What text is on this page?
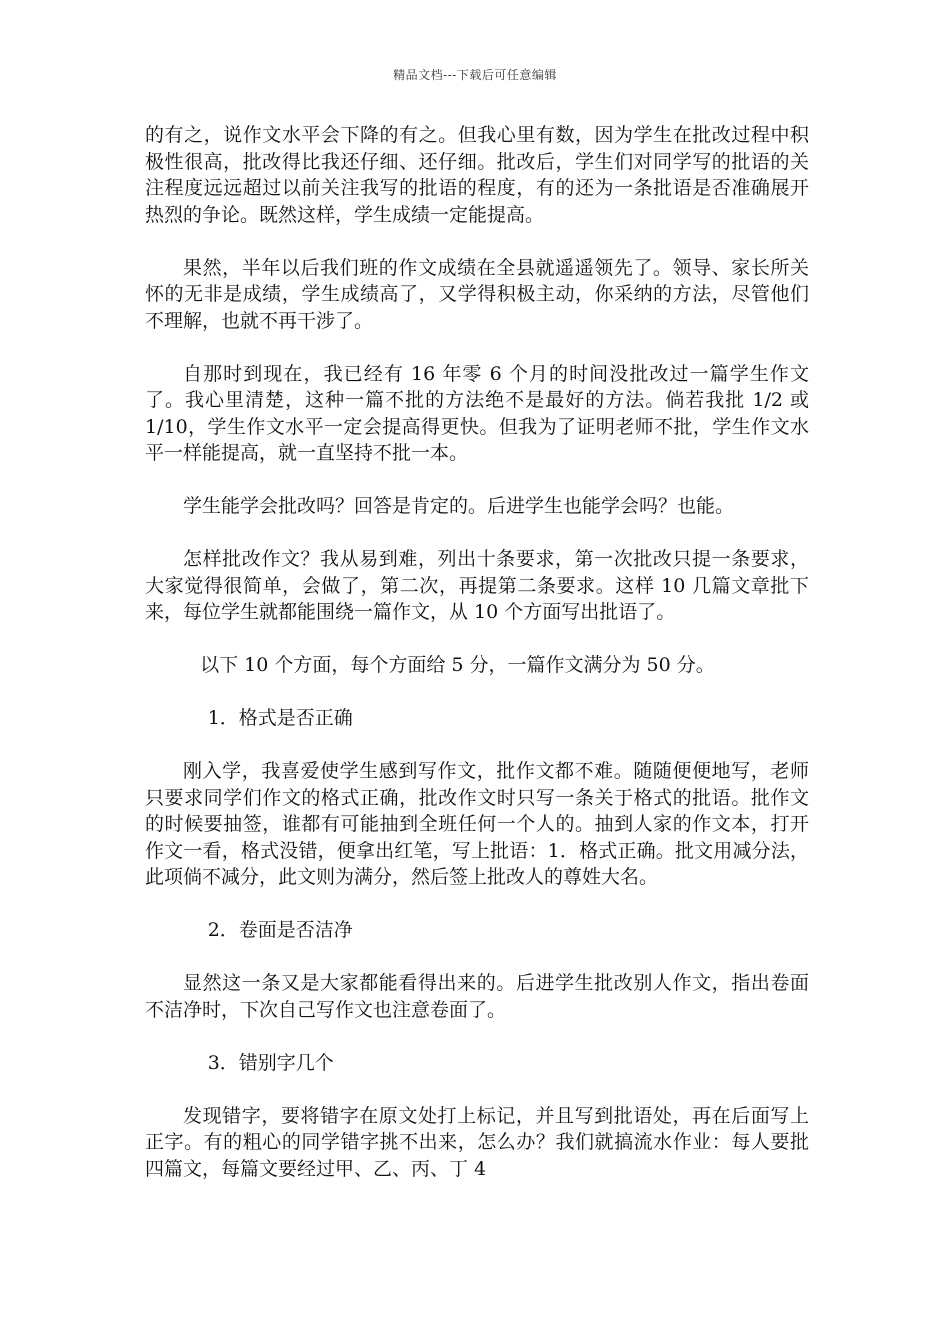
精品文档---下载后可任意编辑

的有之，说作文水平会下降的有之。但我心里有数，因为学生在批改过程中积极性很高，批改得比我还仔细、还仔细。批改后，学生们对同学写的批语的关注程度远远超过以前关注我写的批语的程度，有的还为一条批语是否准确展开热烈的争论。既然这样，学生成绩一定能提高。

果然，半年以后我们班的作文成绩在全县就遥遥领先了。领导、家长所关怀的无非是成绩，学生成绩高了，又学得积极主动，你采纳的方法，尽管他们不理解，也就不再干涉了。

自那时到现在，我已经有 16 年零 6 个月的时间没批改过一篇学生作文了。我心里清楚，这种一篇不批的方法绝不是最好的方法。倘若我批 1/2 或 1/10，学生作文水平一定会提高得更快。但我为了证明老师不批，学生作文水平一样能提高，就一直坚持不批一本。

学生能学会批改吗？回答是肯定的。后进学生也能学会吗？也能。

怎样批改作文？我从易到难，列出十条要求，第一次批改只提一条要求，大家觉得很简单，会做了，第二次，再提第二条要求。这样 10 几篇文章批下来，每位学生就都能围绕一篇作文，从 10 个方面写出批语了。

以下 10 个方面，每个方面给 5 分，一篇作文满分为 50 分。

1．格式是否正确

刚入学，我喜爱使学生感到写作文，批作文都不难。随随便便地写，老师只要求同学们作文的格式正确，批改作文时只写一条关于格式的批语。批作文的时候要抽签，谁都有可能抽到全班任何一个人的。抽到人家的作文本，打开作文一看，格式没错，便拿出红笔，写上批语：1．格式正确。批文用减分法，此项倘不减分，此文则为满分，然后签上批改人的尊姓大名。

2．卷面是否洁净

显然这一条又是大家都能看得出来的。后进学生批改别人作文，指出卷面不洁净时，下次自己写作文也注意卷面了。

3．错别字几个

发现错字，要将错字在原文处打上标记，并且写到批语处，再在后面写上正字。有的粗心的同学错字挑不出来，怎么办？我们就搞流水作业：每人要批四篇文，每篇文要经过甲、乙、丙、丁 4
